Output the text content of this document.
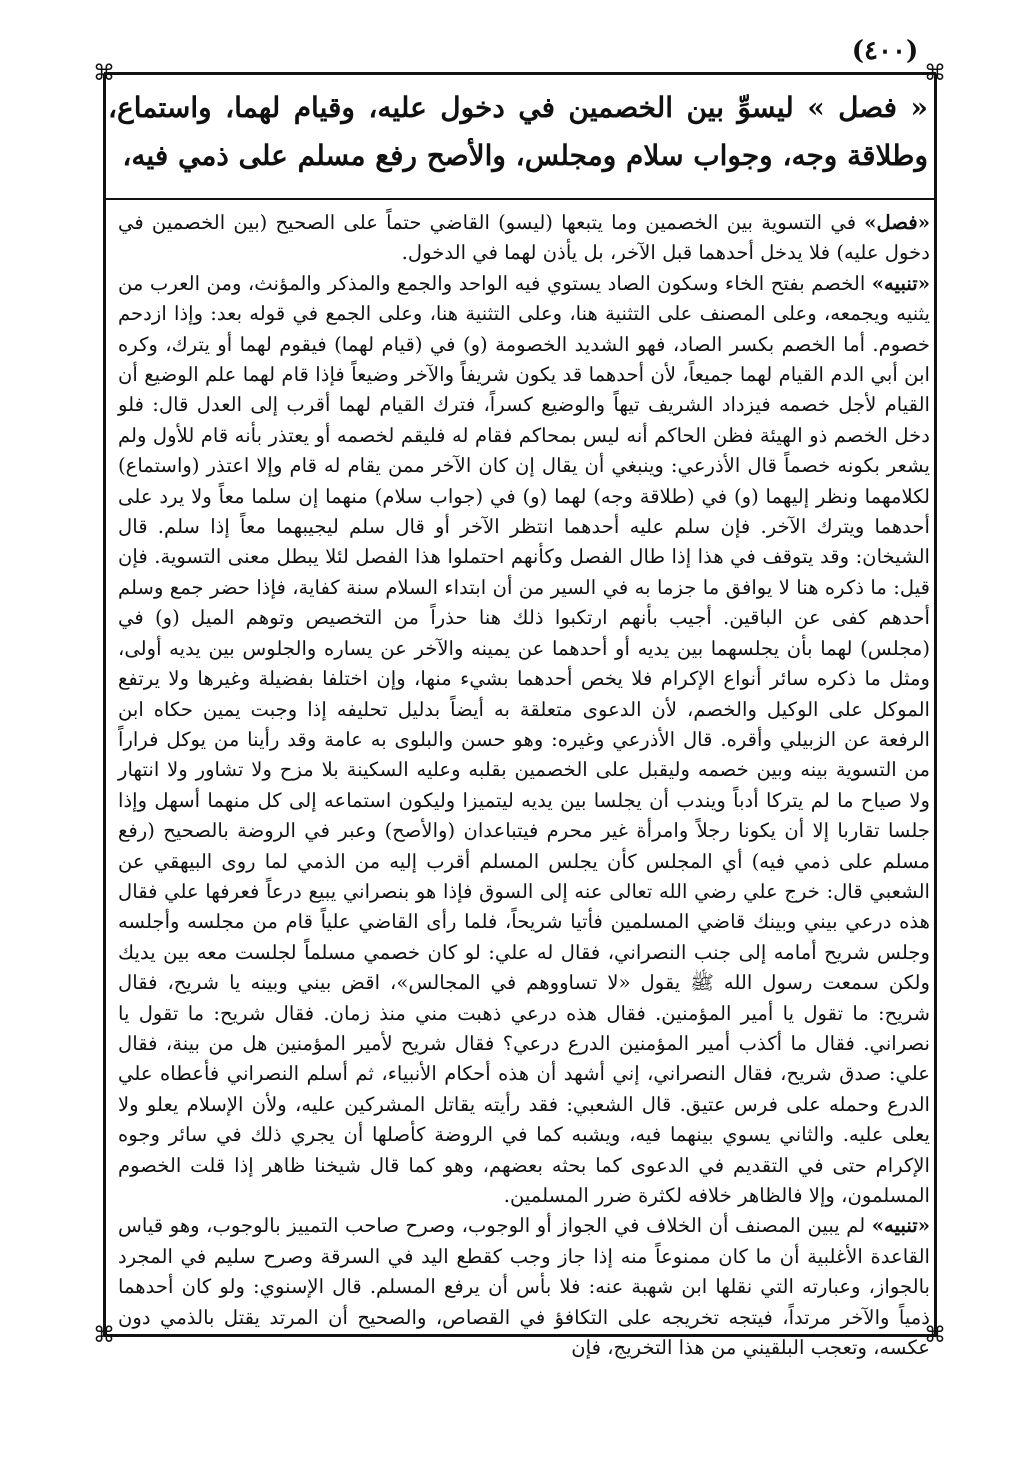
(٤٠٠)
⌘	⌘
⌘	⌘
« فصل » ليسوِّ بين الخصمين في دخول عليه، وقيام لهما، واستماع، وطلاقة وجه، وجواب سلام ومجلس، والأصح رفع مسلم على ذمي فيه،

«فصل» في التسوية بين الخصمين وما يتبعها (ليسو) القاضي حتماً على الصحيح (بين الخصمين في دخول عليه) فلا يدخل أحدهما قبل الآخر، بل يأذن لهما في الدخول.

«تنبيه» الخصم بفتح الخاء وسكون الصاد يستوي فيه الواحد والجمع والمذكر والمؤنث، ومن العرب من يثنيه ويجمعه، وعلى المصنف على التثنية هنا، وعلى التثنية هنا، وعلى الجمع في قوله بعد: وإذا ازدحم خصوم. أما الخصم بكسر الصاد، فهو الشديد الخصومة (و) في (قيام لهما) فيقوم لهما أو يترك، وكره ابن أبي الدم القيام لهما جميعاً، لأن أحدهما قد يكون شريفاً والآخر وضيعاً فإذا قام لهما علم الوضيع أن القيام لأجل خصمه فيزداد الشريف تيهاً والوضيع كسراً، فترك القيام لهما أقرب إلى العدل قال: فلو دخل الخصم ذو الهيئة فظن الحاكم أنه ليس بمحاكم فقام له فليقم لخصمه أو يعتذر بأنه قام للأول ولم يشعر بكونه خصماً قال الأذرعي: وينبغي أن يقال إن كان الآخر ممن يقام له قام وإلا اعتذر (واستماع) لكلامهما ونظر إليهما (و) في (طلاقة وجه) لهما (و) في (جواب سلام) منهما إن سلما معاً ولا يرد على أحدهما ويترك الآخر. فإن سلم عليه أحدهما انتظر الآخر أو قال سلم ليجيبهما معاً إذا سلم. قال الشيخان: وقد يتوقف في هذا إذا طال الفصل وكأنهم احتملوا هذا الفصل لئلا يبطل معنى التسوية. فإن قيل: ما ذكره هنا لا يوافق ما جزما به في السير من أن ابتداء السلام سنة كفاية، فإذا حضر جمع وسلم أحدهم كفى عن الباقين. أجيب بأنهم ارتكبوا ذلك هنا حذراً من التخصيص وتوهم الميل (و) في (مجلس) لهما بأن يجلسهما بين يديه أو أحدهما عن يمينه والآخر عن يساره والجلوس بين يديه أولى، ومثل ما ذكره سائر أنواع الإكرام فلا يخص أحدهما بشيء منها، وإن اختلفا بفضيلة وغيرها ولا يرتفع الموكل على الوكيل والخصم، لأن الدعوى متعلقة به أيضاً بدليل تحليفه إذا وجبت يمين حكاه ابن الرفعة عن الزبيلي وأقره. قال الأذرعي وغيره: وهو حسن والبلوى به عامة وقد رأينا من يوكل فراراً من التسوية بينه وبين خصمه وليقبل على الخصمين بقلبه وعليه السكينة بلا مزح ولا تشاور ولا انتهار ولا صياح ما لم يتركا أدباً ويندب أن يجلسا بين يديه ليتميزا وليكون استماعه إلى كل منهما أسهل وإذا جلسا تقاربا إلا أن يكونا رجلاً وامرأة غير محرم فيتباعدان (والأصح) وعبر في الروضة بالصحيح (رفع مسلم على ذمي فيه) أي المجلس كأن يجلس المسلم أقرب إليه من الذمي لما روى البيهقي عن الشعبي قال: خرج علي رضي الله تعالى عنه إلى السوق فإذا هو بنصراني يبيع درعاً فعرفها علي فقال هذه درعي بيني وبينك قاضي المسلمين فأتيا شريحاً، فلما رأى القاضي علياً قام من مجلسه وأجلسه وجلس شريح أمامه إلى جنب النصراني، فقال له علي: لو كان خصمي مسلماً لجلست معه بين يديك ولكن سمعت رسول الله ﷺ يقول «لا تساووهم في المجالس»، اقض بيني وبينه يا شريح، فقال شريح: ما تقول يا أمير المؤمنين. فقال هذه درعي ذهبت مني منذ زمان. فقال شريح: ما تقول يا نصراني. فقال ما أكذب أمير المؤمنين الدرع درعي؟ فقال شريح لأمير المؤمنين هل من بينة، فقال علي: صدق شريح، فقال النصراني، إني أشهد أن هذه أحكام الأنبياء، ثم أسلم النصراني فأعطاه علي الدرع وحمله على فرس عتيق. قال الشعبي: فقد رأيته يقاتل المشركين عليه، ولأن الإسلام يعلو ولا يعلى عليه. والثاني يسوي بينهما فيه، ويشبه كما في الروضة كأصلها أن يجري ذلك في سائر وجوه الإكرام حتى في التقديم في الدعوى كما بحثه بعضهم، وهو كما قال شيخنا ظاهر إذا قلت الخصوم المسلمون، وإلا فالظاهر خلافه لكثرة ضرر المسلمين.

«تنبيه» لم يبين المصنف أن الخلاف في الجواز أو الوجوب، وصرح صاحب التمييز بالوجوب، وهو قياس القاعدة الأغلبية أن ما كان ممنوعاً منه إذا جاز وجب كقطع اليد في السرقة وصرح سليم في المجرد بالجواز، وعبارته التي نقلها ابن شهبة عنه: فلا بأس أن يرفع المسلم. قال الإسنوي: ولو كان أحدهما ذمياً والآخر مرتداً، فيتجه تخريجه على التكافؤ في القصاص، والصحيح أن المرتد يقتل بالذمي دون عكسه، وتعجب البلقيني من هذا التخريج، فإن
